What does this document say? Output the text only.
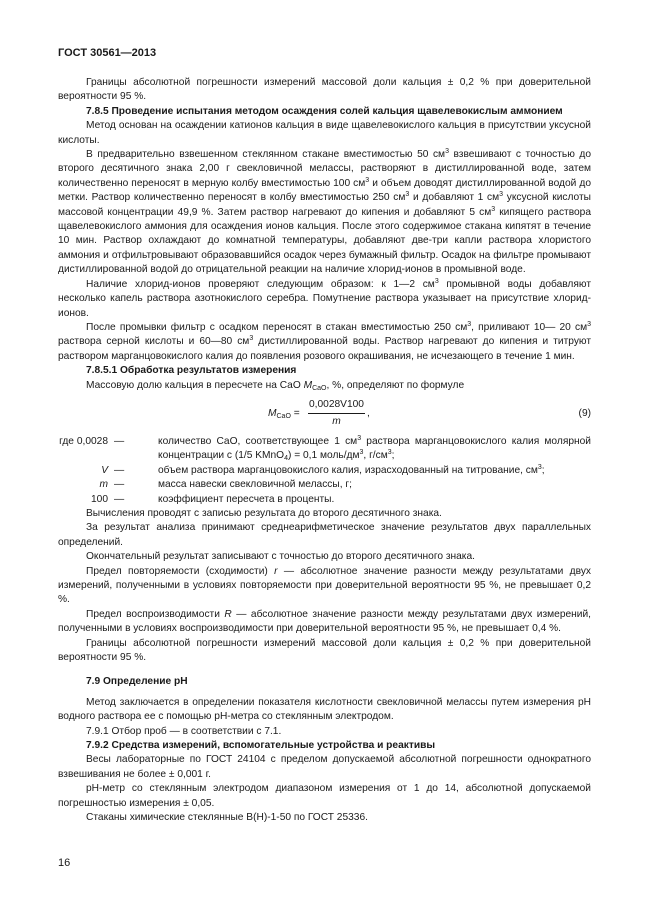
ГОСТ 30561—2013

Границы абсолютной погрешности измерений массовой доли кальция ± 0,2 % при доверительной вероятности 95 %.

7.8.5 Проведение испытания методом осаждения солей кальция щавелевокислым аммонием

Метод основан на осаждении катионов кальция в виде щавелевокислого кальция в присутствии уксусной кислоты.

В предварительно взвешенном стеклянном стакане вместимостью 50 $см^3$ взвешивают с точностью до второго десятичного знака 2,00 г свекловичной мелассы, растворяют в дистиллированной воде, затем количественно переносят в мерную колбу вместимостью 100 $см^3$ и объем доводят дистиллированной водой до метки. Раствор количественно переносят в колбу вместимостью 250 $см^3$ и добавляют 1 $см^3$ уксусной кислоты массовой концентрации 49,9 %. Затем раствор нагревают до кипения и добавляют 5 $см^3$ кипящего раствора щавелевокислого аммония для осаждения ионов кальция. После этого содержимое стакана кипятят в течение 10 мин. Раствор охлаждают до комнатной температуры, добавляют две-три капли раствора хлористого аммония и отфильтровывают образовавшийся осадок через бумажный фильтр. Осадок на фильтре промывают дистиллированной водой до отрицательной реакции на наличие хлорид-ионов в промывной воде.

Наличие хлорид-ионов проверяют следующим образом: к 1—2 $см^3$ промывной воды добавляют несколько капель раствора азотнокислого серебра. Помутнение раствора указывает на присутствие хлорид-ионов.

После промывки фильтр с осадком переносят в стакан вместимостью 250 $см^3$, приливают 10— 20 $см^3$ раствора серной кислоты и 60—80 $см^3$ дистиллированной воды. Раствор нагревают до кипения и титруют раствором марганцовокислого калия до появления розового окрашивания, не исчезающего в течение 1 мин.

7.8.5.1 Обработка результатов измерения

Массовую долю кальция в пересчете на CaO $M_{CaO}$, %, определяют по формуле

$M_{CaO} = \frac{0,0028V100}{m}$ ,	(9)
где 0,0028 —	количество CaO, соответствующее 1 $см^3$ раствора марганцовокислого калия молярной концентрации с (1/5 KMnO$_4$) = 0,1 моль/$дм^3$, $г/см^3$;
V —	объем раствора марганцовокислого калия, израсходованный на титрование, $см^3$;
m —	масса навески свекловичной мелассы, г;
100 —	коэффициент пересчета в проценты.

Вычисления проводят с записью результата до второго десятичного знака.

За результат анализа принимают среднеарифметическое значение результатов двух параллельных определений.

Окончательный результат записывают с точностью до второго десятичного знака.

Предел повторяемости (сходимости) r — абсолютное значение разности между результатами двух измерений, полученными в условиях повторяемости при доверительной вероятности 95 %, не превышает 0,2 %.

Предел воспроизводимости R — абсолютное значение разности между результатами двух измерений, полученными в условиях воспроизводимости при доверительной вероятности 95 %, не превышает 0,4 %.

Границы абсолютной погрешности измерений массовой доли кальция ± 0,2 % при доверительной вероятности 95 %.

7.9 Определение pH

Метод заключается в определении показателя кислотности свекловичной мелассы путем измерения pH водного раствора ее с помощью pH-метра со стеклянным электродом.

7.9.1 Отбор проб — в соответствии с 7.1.

7.9.2 Средства измерений, вспомогательные устройства и реактивы

Весы лабораторные по ГОСТ 24104 с пределом допускаемой абсолютной погрешности однократного взвешивания не более ± 0,001 г.

pH-метр со стеклянным электродом диапазоном измерения от 1 до 14, абсолютной допускаемой погрешностью измерения ± 0,05.

Стаканы химические стеклянные В(Н)-1-50 по ГОСТ 25336.

16
